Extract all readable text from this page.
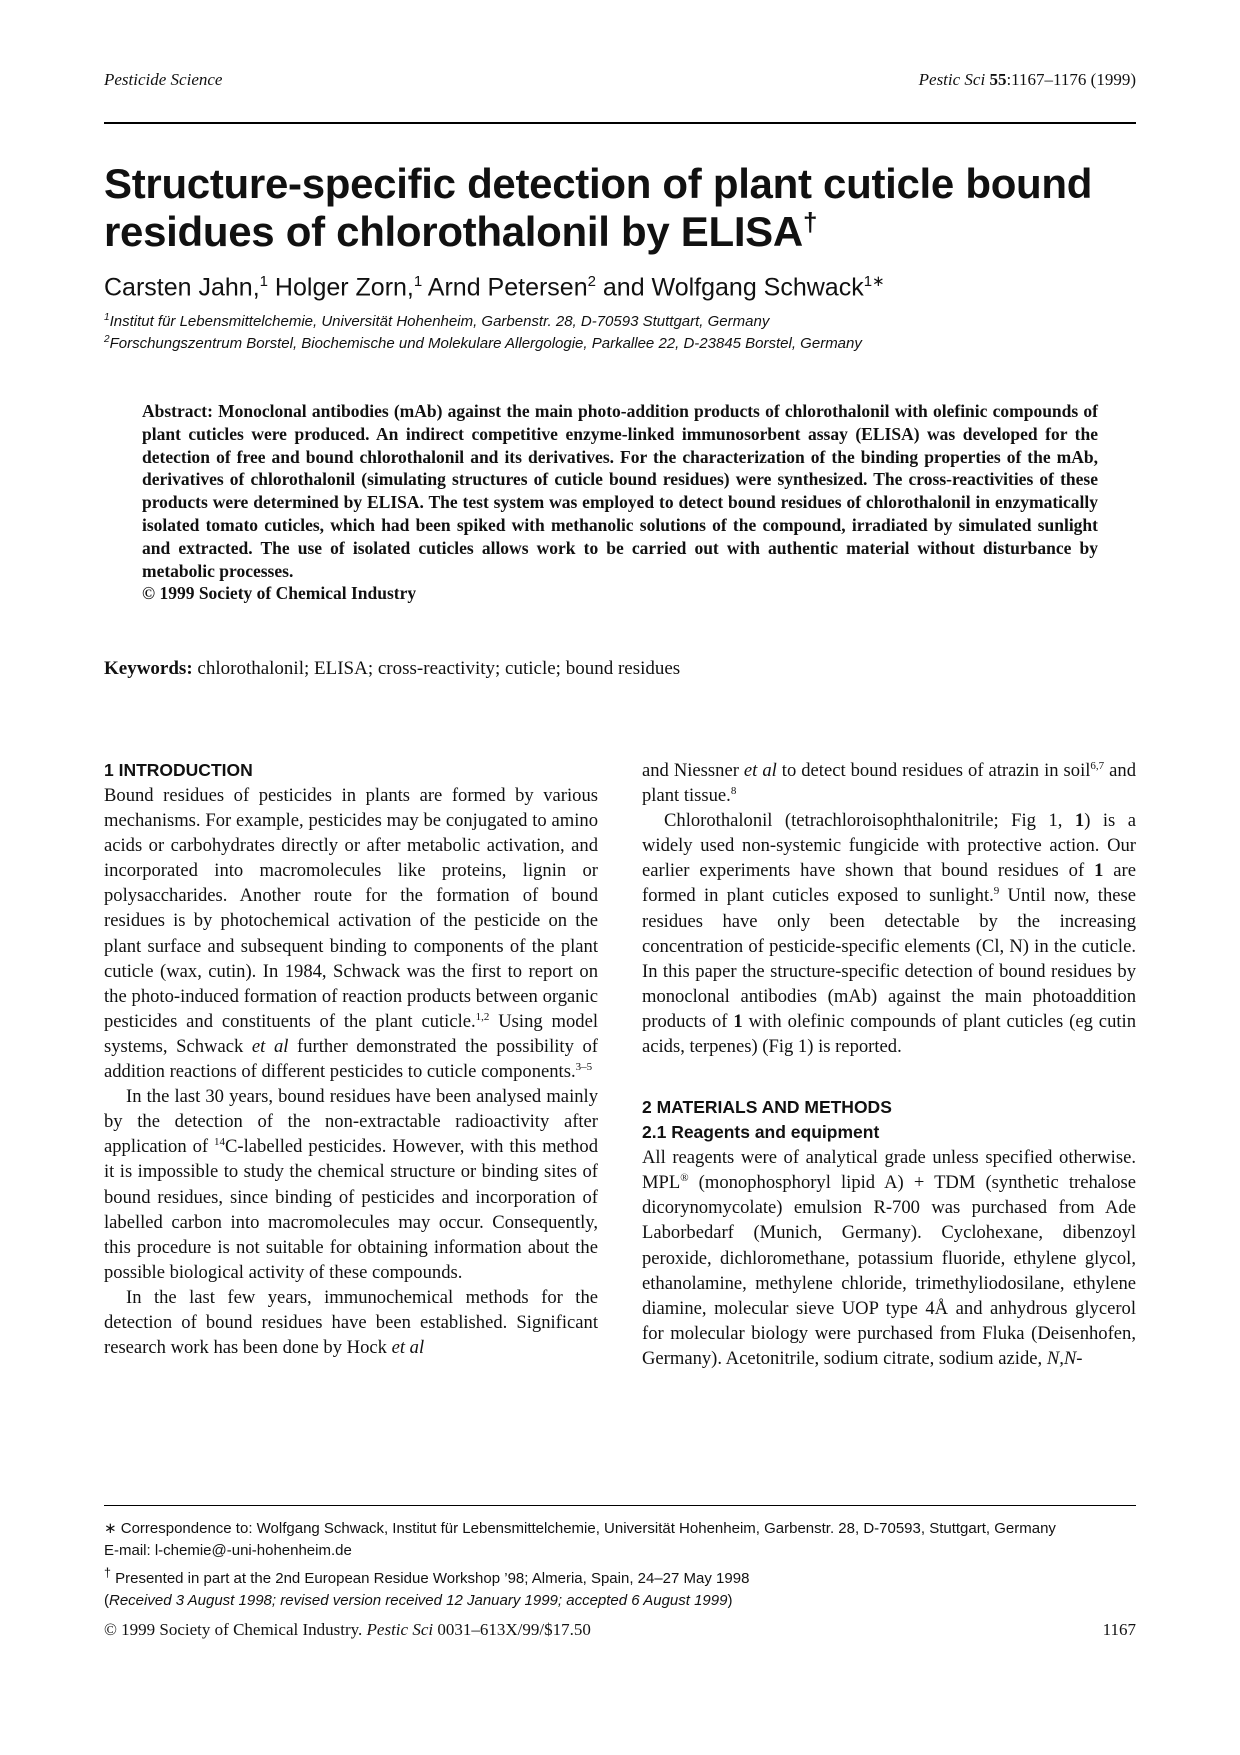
Pesticide Science	Pestic Sci 55:1167–1176 (1999)
Structure-specific detection of plant cuticle bound residues of chlorothalonil by ELISA†
Carsten Jahn,$^1$ Holger Zorn,$^1$ Arnd Petersen$^2$ and Wolfgang Schwack$^{1∗}$
$^1$Institut für Lebensmittelchemie, Universität Hohenheim, Garbenstr. 28, D-70593 Stuttgart, Germany
$^2$Forschungszentrum Borstel, Biochemische und Molekulare Allergologie, Parkallee 22, D-23845 Borstel, Germany
Abstract: Monoclonal antibodies (mAb) against the main photo-addition products of chlorothalonil with olefinic compounds of plant cuticles were produced. An indirect competitive enzyme-linked immunosorbent assay (ELISA) was developed for the detection of free and bound chlorothalonil and its derivatives. For the characterization of the binding properties of the mAb, derivatives of chlorothalonil (simulating structures of cuticle bound residues) were synthesized. The cross-reactivities of these products were determined by ELISA. The test system was employed to detect bound residues of chlorothalonil in enzymatically isolated tomato cuticles, which had been spiked with methanolic solutions of the compound, irradiated by simulated sunlight and extracted. The use of isolated cuticles allows work to be carried out with authentic material without disturbance by metabolic processes.
© 1999 Society of Chemical Industry
Keywords: chlorothalonil; ELISA; cross-reactivity; cuticle; bound residues
1 INTRODUCTION

Bound residues of pesticides in plants are formed by various mechanisms. For example, pesticides may be conjugated to amino acids or carbohydrates directly or after metabolic activation, and incorporated into macromolecules like proteins, lignin or polysaccharides. Another route for the formation of bound residues is by photochemical activation of the pesticide on the plant surface and subsequent binding to components of the plant cuticle (wax, cutin). In 1984, Schwack was the first to report on the photo-induced formation of reaction products between organic pesticides and constituents of the plant cuticle.$^{1,2}$ Using model systems, Schwack et al further demonstrated the possibility of addition reactions of different pesticides to cuticle components.$^{3-5}$

In the last 30 years, bound residues have been analysed mainly by the detection of the non-extractable radioactivity after application of $^{14}$C-labelled pesticides. However, with this method it is impossible to study the chemical structure or binding sites of bound residues, since binding of pesticides and incorporation of labelled carbon into macromolecules may occur. Consequently, this procedure is not suitable for obtaining information about the possible biological activity of these compounds.

In the last few years, immunochemical methods for the detection of bound residues have been established. Significant research work has been done by Hock et al

and Niessner et al to detect bound residues of atrazin in soil$^{6,7}$ and plant tissue.$^8$

Chlorothalonil (tetrachloroisophthalonitrile; Fig 1, 1) is a widely used non-systemic fungicide with protective action. Our earlier experiments have shown that bound residues of 1 are formed in plant cuticles exposed to sunlight.$^9$ Until now, these residues have only been detectable by the increasing concentration of pesticide-specific elements (Cl, N) in the cuticle. In this paper the structure-specific detection of bound residues by monoclonal antibodies (mAb) against the main photoaddition products of 1 with olefinic compounds of plant cuticles (eg cutin acids, terpenes) (Fig 1) is reported.

2 MATERIALS AND METHODS
2.1 Reagents and equipment

All reagents were of analytical grade unless specified otherwise. MPL® (monophosphoryl lipid A) + TDM (synthetic trehalose dicorynomycolate) emulsion R-700 was purchased from Ade Laborbedarf (Munich, Germany). Cyclohexane, dibenzoyl peroxide, dichloromethane, potassium fluoride, ethylene glycol, ethanolamine, methylene chloride, trimethyliodosilane, ethylene diamine, molecular sieve UOP type 4Å and anhydrous glycerol for molecular biology were purchased from Fluka (Deisenhofen, Germany). Acetonitrile, sodium citrate, sodium azide, N,N-

∗ Correspondence to: Wolfgang Schwack, Institut für Lebensmittelchemie, Universität Hohenheim, Garbenstr. 28, D-70593, Stuttgart, Germany
E-mail: l-chemie@-uni-hohenheim.de
† Presented in part at the 2nd European Residue Workshop ’98; Almeria, Spain, 24–27 May 1998
(Received 3 August 1998; revised version received 12 January 1999; accepted 6 August 1999)
© 1999 Society of Chemical Industry. Pestic Sci 0031–613X/99/$17.50	1167
